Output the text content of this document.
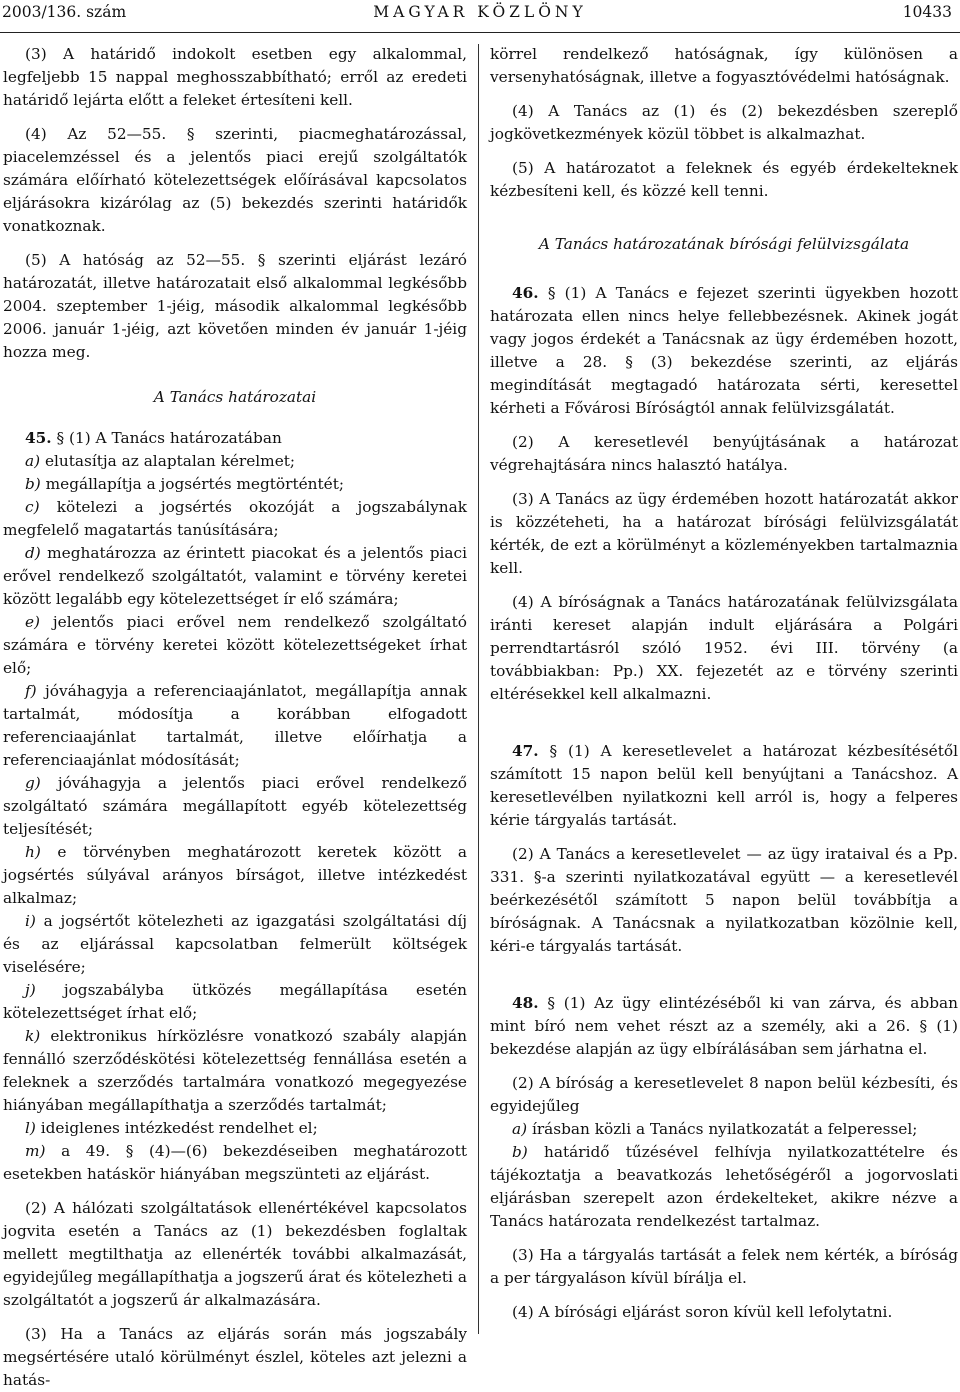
2003/136. szám	MAGYAR KÖZLÖNY	10433

(3) A határidő indokolt esetben egy alkalommal, legfeljebb 15 nappal meghosszabbítható; erről az eredeti határidő lejárta előtt a feleket értesíteni kell.

(4) Az 52—55. § szerinti, piacmeghatározással, piacelemzéssel és a jelentős piaci erejű szolgáltatók számára előírható kötelezettségek előírásával kapcsolatos eljárásokra kizárólag az (5) bekezdés szerinti határidők vonatkoznak.

(5) A hatóság az 52—55. § szerinti eljárást lezáró határozatát, illetve határozatait első alkalommal legkésőbb 2004. szeptember 1-jéig, második alkalommal legkésőbb 2006. január 1-jéig, azt követően minden év január 1-jéig hozza meg.

A Tanács határozatai

45. § (1) A Tanács határozatában

a) elutasítja az alaptalan kérelmet;

b) megállapítja a jogsértés megtörténtét;

c) kötelezi a jogsértés okozóját a jogszabálynak megfelelő magatartás tanúsítására;

d) meghatározza az érintett piacokat és a jelentős piaci erővel rendelkező szolgáltatót, valamint e törvény keretei között legalább egy kötelezettséget ír elő számára;

e) jelentős piaci erővel nem rendelkező szolgáltató számára e törvény keretei között kötelezettségeket írhat elő;

f) jóváhagyja a referenciaajánlatot, megállapítja annak tartalmát, módosítja a korábban elfogadott referenciaajánlat tartalmát, illetve előírhatja a referenciaajánlat módosítását;

g) jóváhagyja a jelentős piaci erővel rendelkező szolgáltató számára megállapított egyéb kötelezettség teljesítését;

h) e törvényben meghatározott keretek között a jogsértés súlyával arányos bírságot, illetve intézkedést alkalmaz;

i) a jogsértőt kötelezheti az igazgatási szolgáltatási díj és az eljárással kapcsolatban felmerült költségek viselésére;

j) jogszabályba ütközés megállapítása esetén kötelezettséget írhat elő;

k) elektronikus hírközlésre vonatkozó szabály alapján fennálló szerződéskötési kötelezettség fennállása esetén a feleknek a szerződés tartalmára vonatkozó megegyezése hiányában megállapíthatja a szerződés tartalmát;

l) ideiglenes intézkedést rendelhet el;

m) a 49. § (4)—(6) bekezdéseiben meghatározott esetekben hatáskör hiányában megszünteti az eljárást.

(2) A hálózati szolgáltatások ellenértékével kapcsolatos jogvita esetén a Tanács az (1) bekezdésben foglaltak mellett megtilthatja az ellenérték további alkalmazását, egyidejűleg megállapíthatja a jogszerű árat és kötelezheti a szolgáltatót a jogszerű ár alkalmazására.

(3) Ha a Tanács az eljárás során más jogszabály megsértésére utaló körülményt észlel, köteles azt jelezni a hatás-

körrel rendelkező hatóságnak, így különösen a versenyhatóságnak, illetve a fogyasztóvédelmi hatóságnak.

(4) A Tanács az (1) és (2) bekezdésben szereplő jogkövetkezmények közül többet is alkalmazhat.

(5) A határozatot a feleknek és egyéb érdekelteknek kézbesíteni kell, és közzé kell tenni.

A Tanács határozatának bírósági felülvizsgálata

46. § (1) A Tanács e fejezet szerinti ügyekben hozott határozata ellen nincs helye fellebbezésnek. Akinek jogát vagy jogos érdekét a Tanácsnak az ügy érdemében hozott, illetve a 28. § (3) bekezdése szerinti, az eljárás megindítását megtagadó határozata sérti, keresettel kérheti a Fővárosi Bíróságtól annak felülvizsgálatát.

(2) A keresetlevél benyújtásának a határozat végrehajtására nincs halasztó hatálya.

(3) A Tanács az ügy érdemében hozott határozatát akkor is közzéteheti, ha a határozat bírósági felülvizsgálatát kérték, de ezt a körülményt a közleményekben tartalmaznia kell.

(4) A bíróságnak a Tanács határozatának felülvizsgálata iránti kereset alapján indult eljárására a Polgári perrendtartásról szóló 1952. évi III. törvény (a továbbiakban: Pp.) XX. fejezetét az e törvény szerinti eltérésekkel kell alkalmazni.

47. § (1) A keresetlevelet a határozat kézbesítésétől számított 15 napon belül kell benyújtani a Tanácshoz. A keresetlevélben nyilatkozni kell arról is, hogy a felperes kérie tárgyalás tartását.

(2) A Tanács a keresetlevelet — az ügy irataival és a Pp. 331. §-a szerinti nyilatkozatával együtt — a keresetlevél beérkezésétől számított 5 napon belül továbbítja a bíróságnak. A Tanácsnak a nyilatkozatban közölnie kell, kéri-e tárgyalás tartását.

48. § (1) Az ügy elintézéséből ki van zárva, és abban mint bíró nem vehet részt az a személy, aki a 26. § (1) bekezdése alapján az ügy elbírálásában sem járhatna el.

(2) A bíróság a keresetlevelet 8 napon belül kézbesíti, és egyidejűleg

a) írásban közli a Tanács nyilatkozatát a felperessel;

b) határidő tűzésével felhívja nyilatkozattételre és tájékoztatja a beavatkozás lehetőségéről a jogorvoslati eljárásban szerepelt azon érdekelteket, akikre nézve a Tanács határozata rendelkezést tartalmaz.

(3) Ha a tárgyalás tartását a felek nem kérték, a bíróság a per tárgyaláson kívül bírálja el.

(4) A bírósági eljárást soron kívül kell lefolytatni.
